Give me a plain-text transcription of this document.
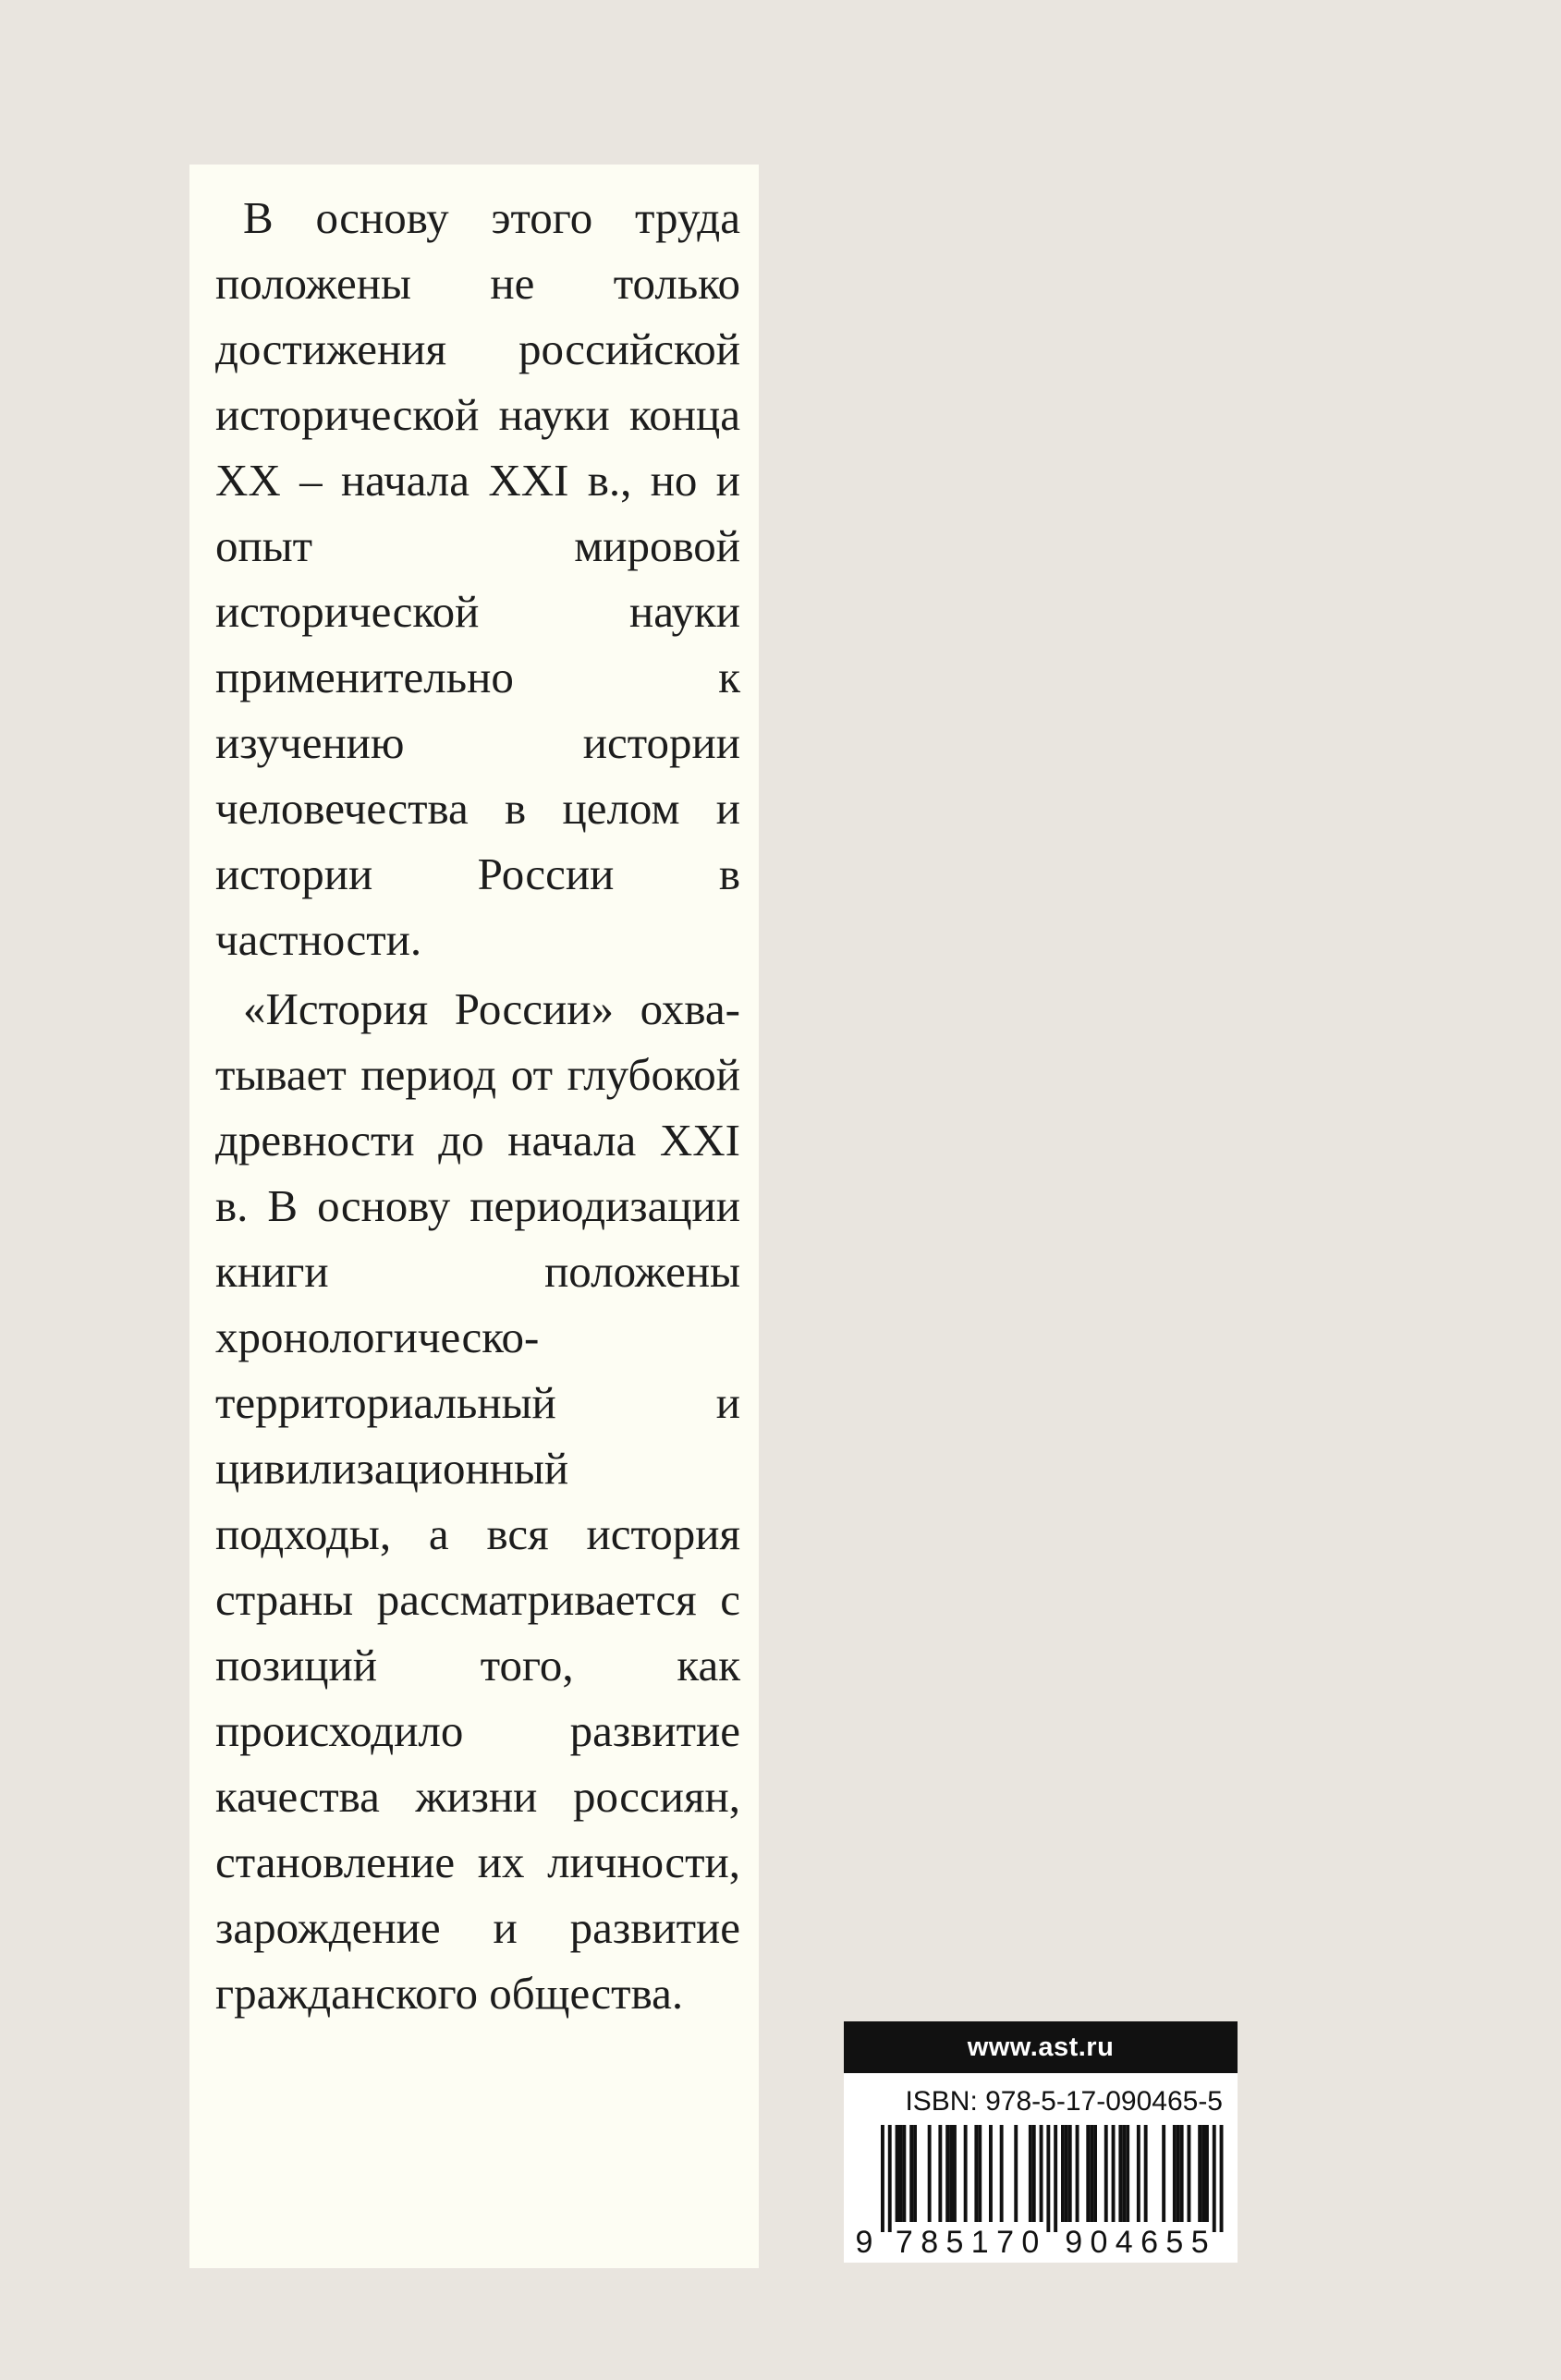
В основу этого труда положены не только достижения российской исторической науки конца XX – начала XXI в., но и опыт мировой исторической науки применительно к изучению истории человечества в целом и истории России в частности.

«История России» охватывает период от глубокой древности до начала XXI в. В основу периодизации книги положены хронологическо-территориальный и цивилизационный подходы, а вся история страны рассматривается с позиций того, как происходило развитие качества жизни россиян, становление их личности, зарождение и развитие гражданского общества.

www.ast.ru
ISBN: 978-5-17-090465-5
9 7 8 5 1 7 0 9 0 4 6 5 5
